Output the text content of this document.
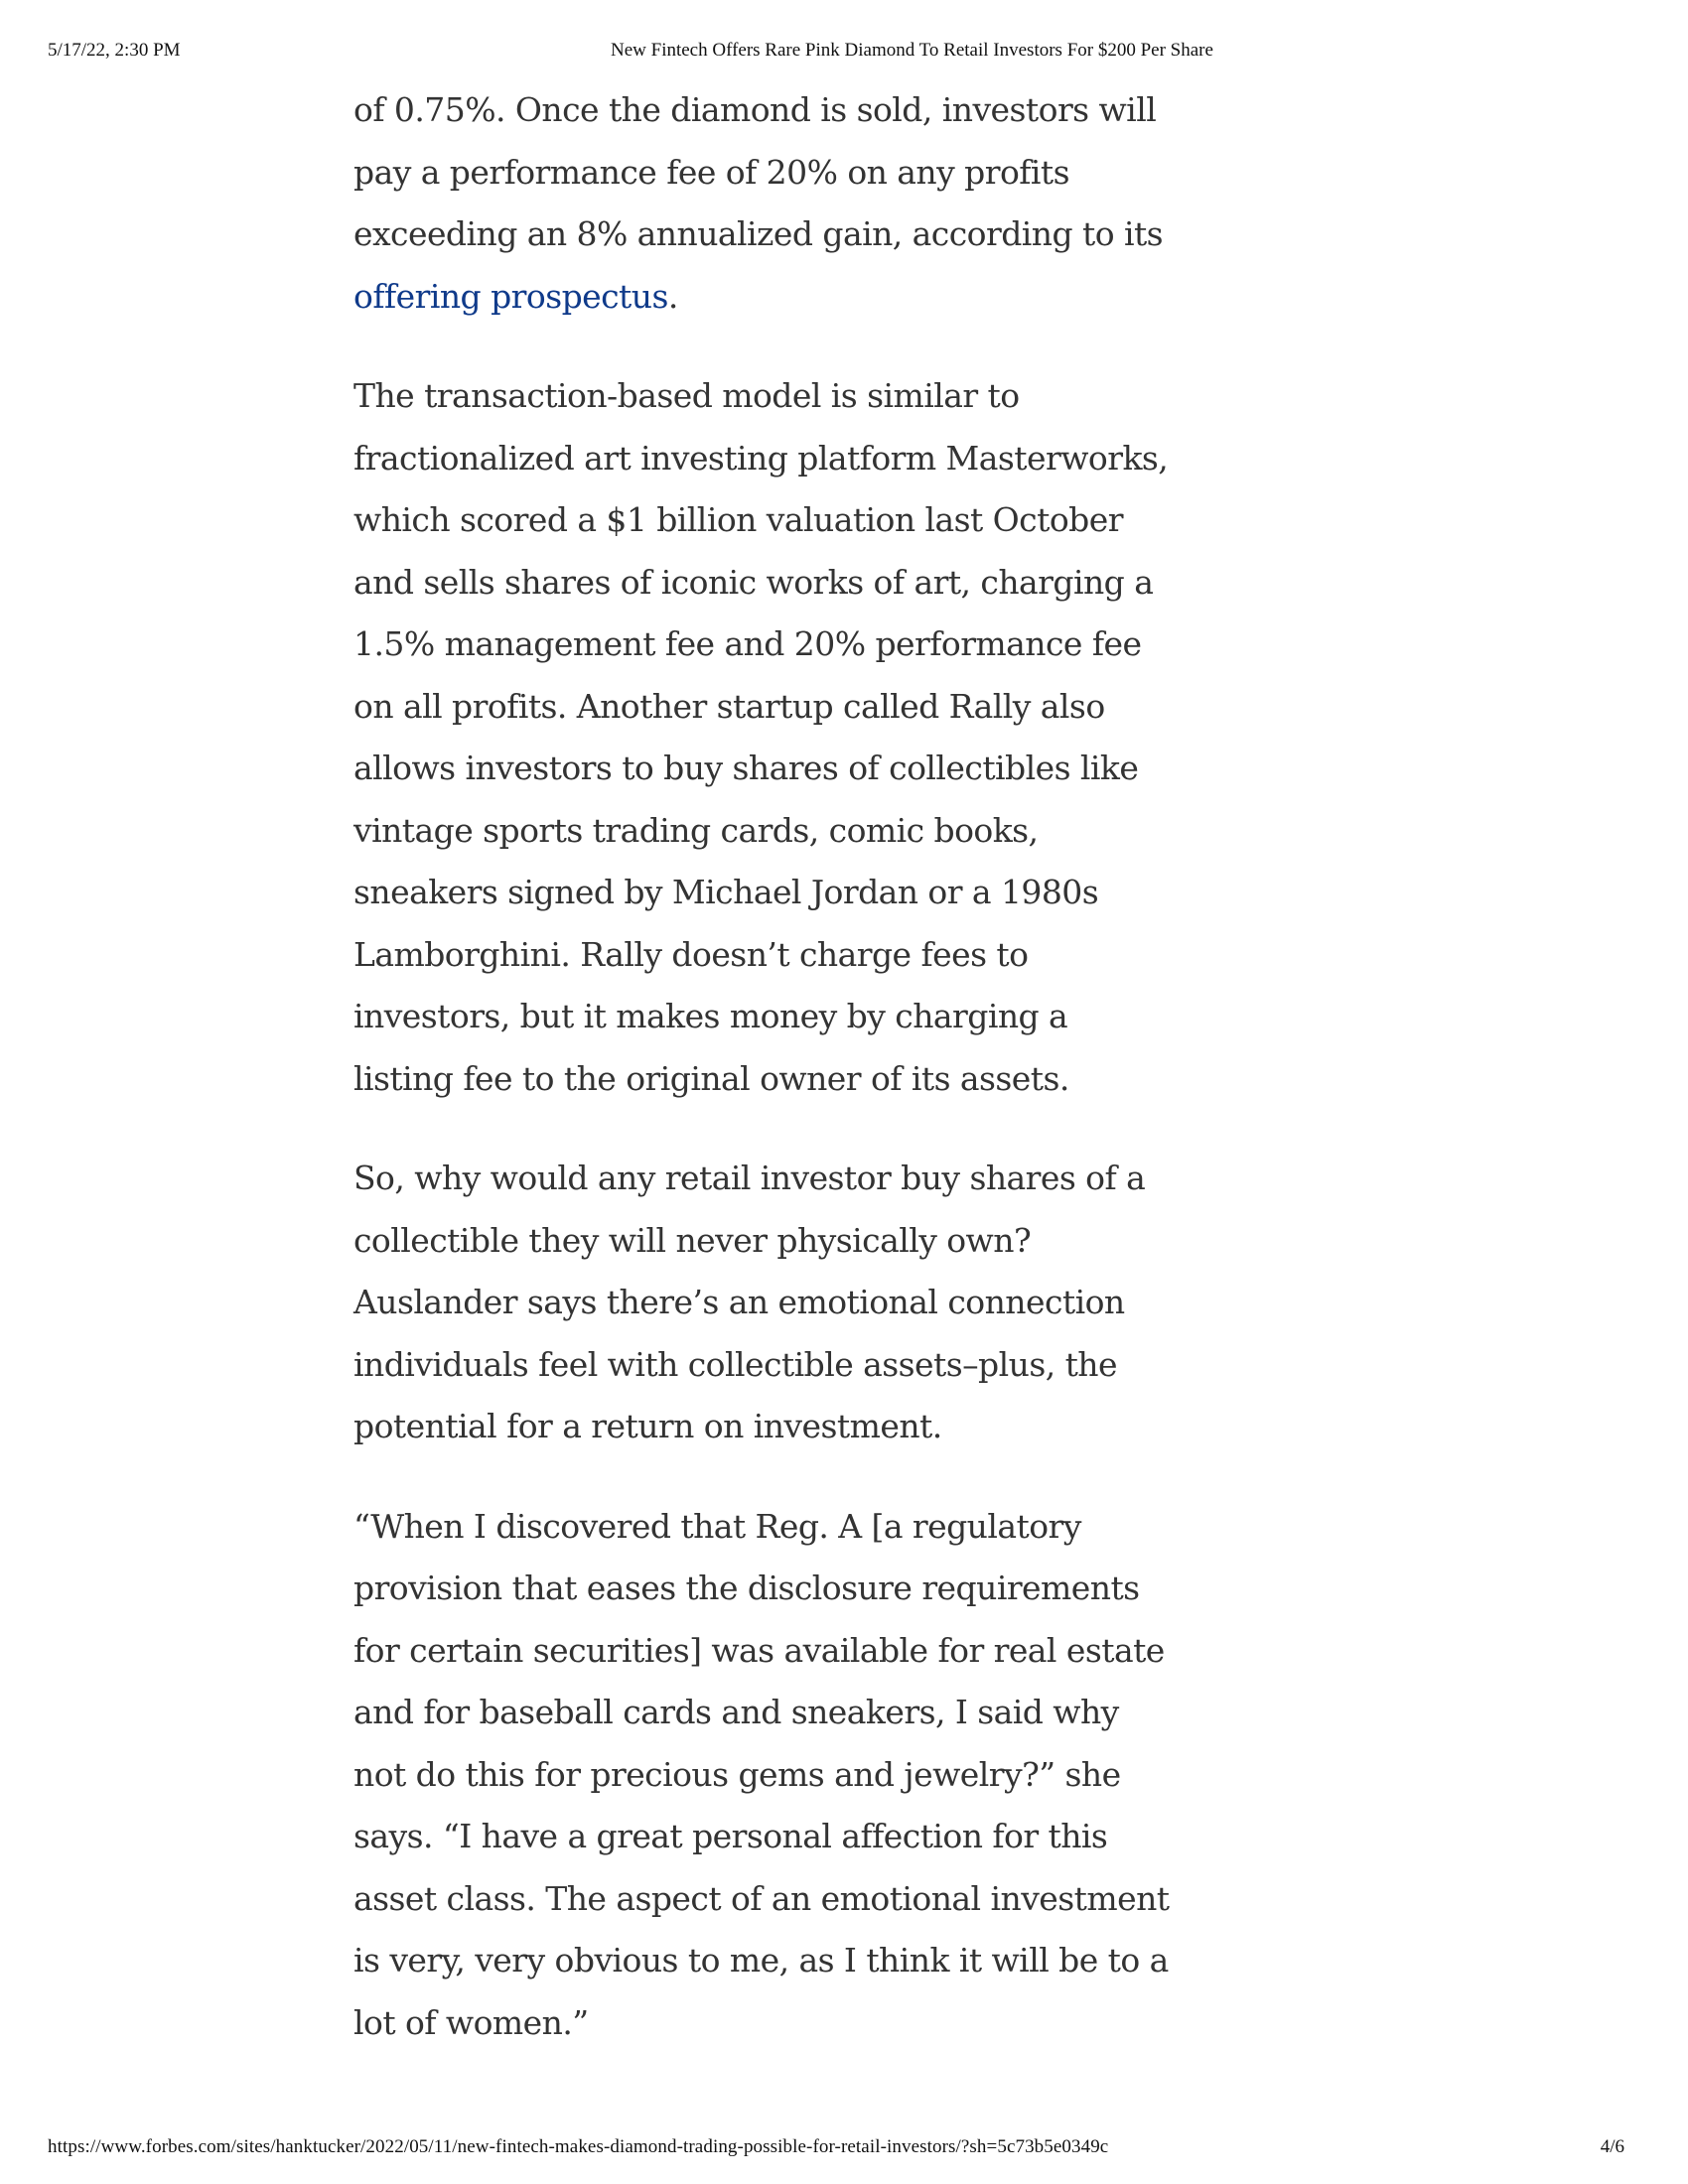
5/17/22, 2:30 PM	New Fintech Offers Rare Pink Diamond To Retail Investors For $200 Per Share

of 0.75%. Once the diamond is sold, investors will
pay a performance fee of 20% on any profits
exceeding an 8% annualized gain, according to its
offering prospectus.

The transaction-based model is similar to
fractionalized art investing platform Masterworks,
which scored a $1 billion valuation last October
and sells shares of iconic works of art, charging a
1.5% management fee and 20% performance fee
on all profits. Another startup called Rally also
allows investors to buy shares of collectibles like
vintage sports trading cards, comic books,
sneakers signed by Michael Jordan or a 1980s
Lamborghini. Rally doesn’t charge fees to
investors, but it makes money by charging a
listing fee to the original owner of its assets.

So, why would any retail investor buy shares of a
collectible they will never physically own?
Auslander says there’s an emotional connection
individuals feel with collectible assets–plus, the
potential for a return on investment.

“When I discovered that Reg. A [a regulatory
provision that eases the disclosure requirements
for certain securities] was available for real estate
and for baseball cards and sneakers, I said why
not do this for precious gems and jewelry?” she
says. “I have a great personal affection for this
asset class. The aspect of an emotional investment
is very, very obvious to me, as I think it will be to a
lot of women.”

https://www.forbes.com/sites/hanktucker/2022/05/11/new-fintech-makes-diamond-trading-possible-for-retail-investors/?sh=5c73b5e0349c	4/6
